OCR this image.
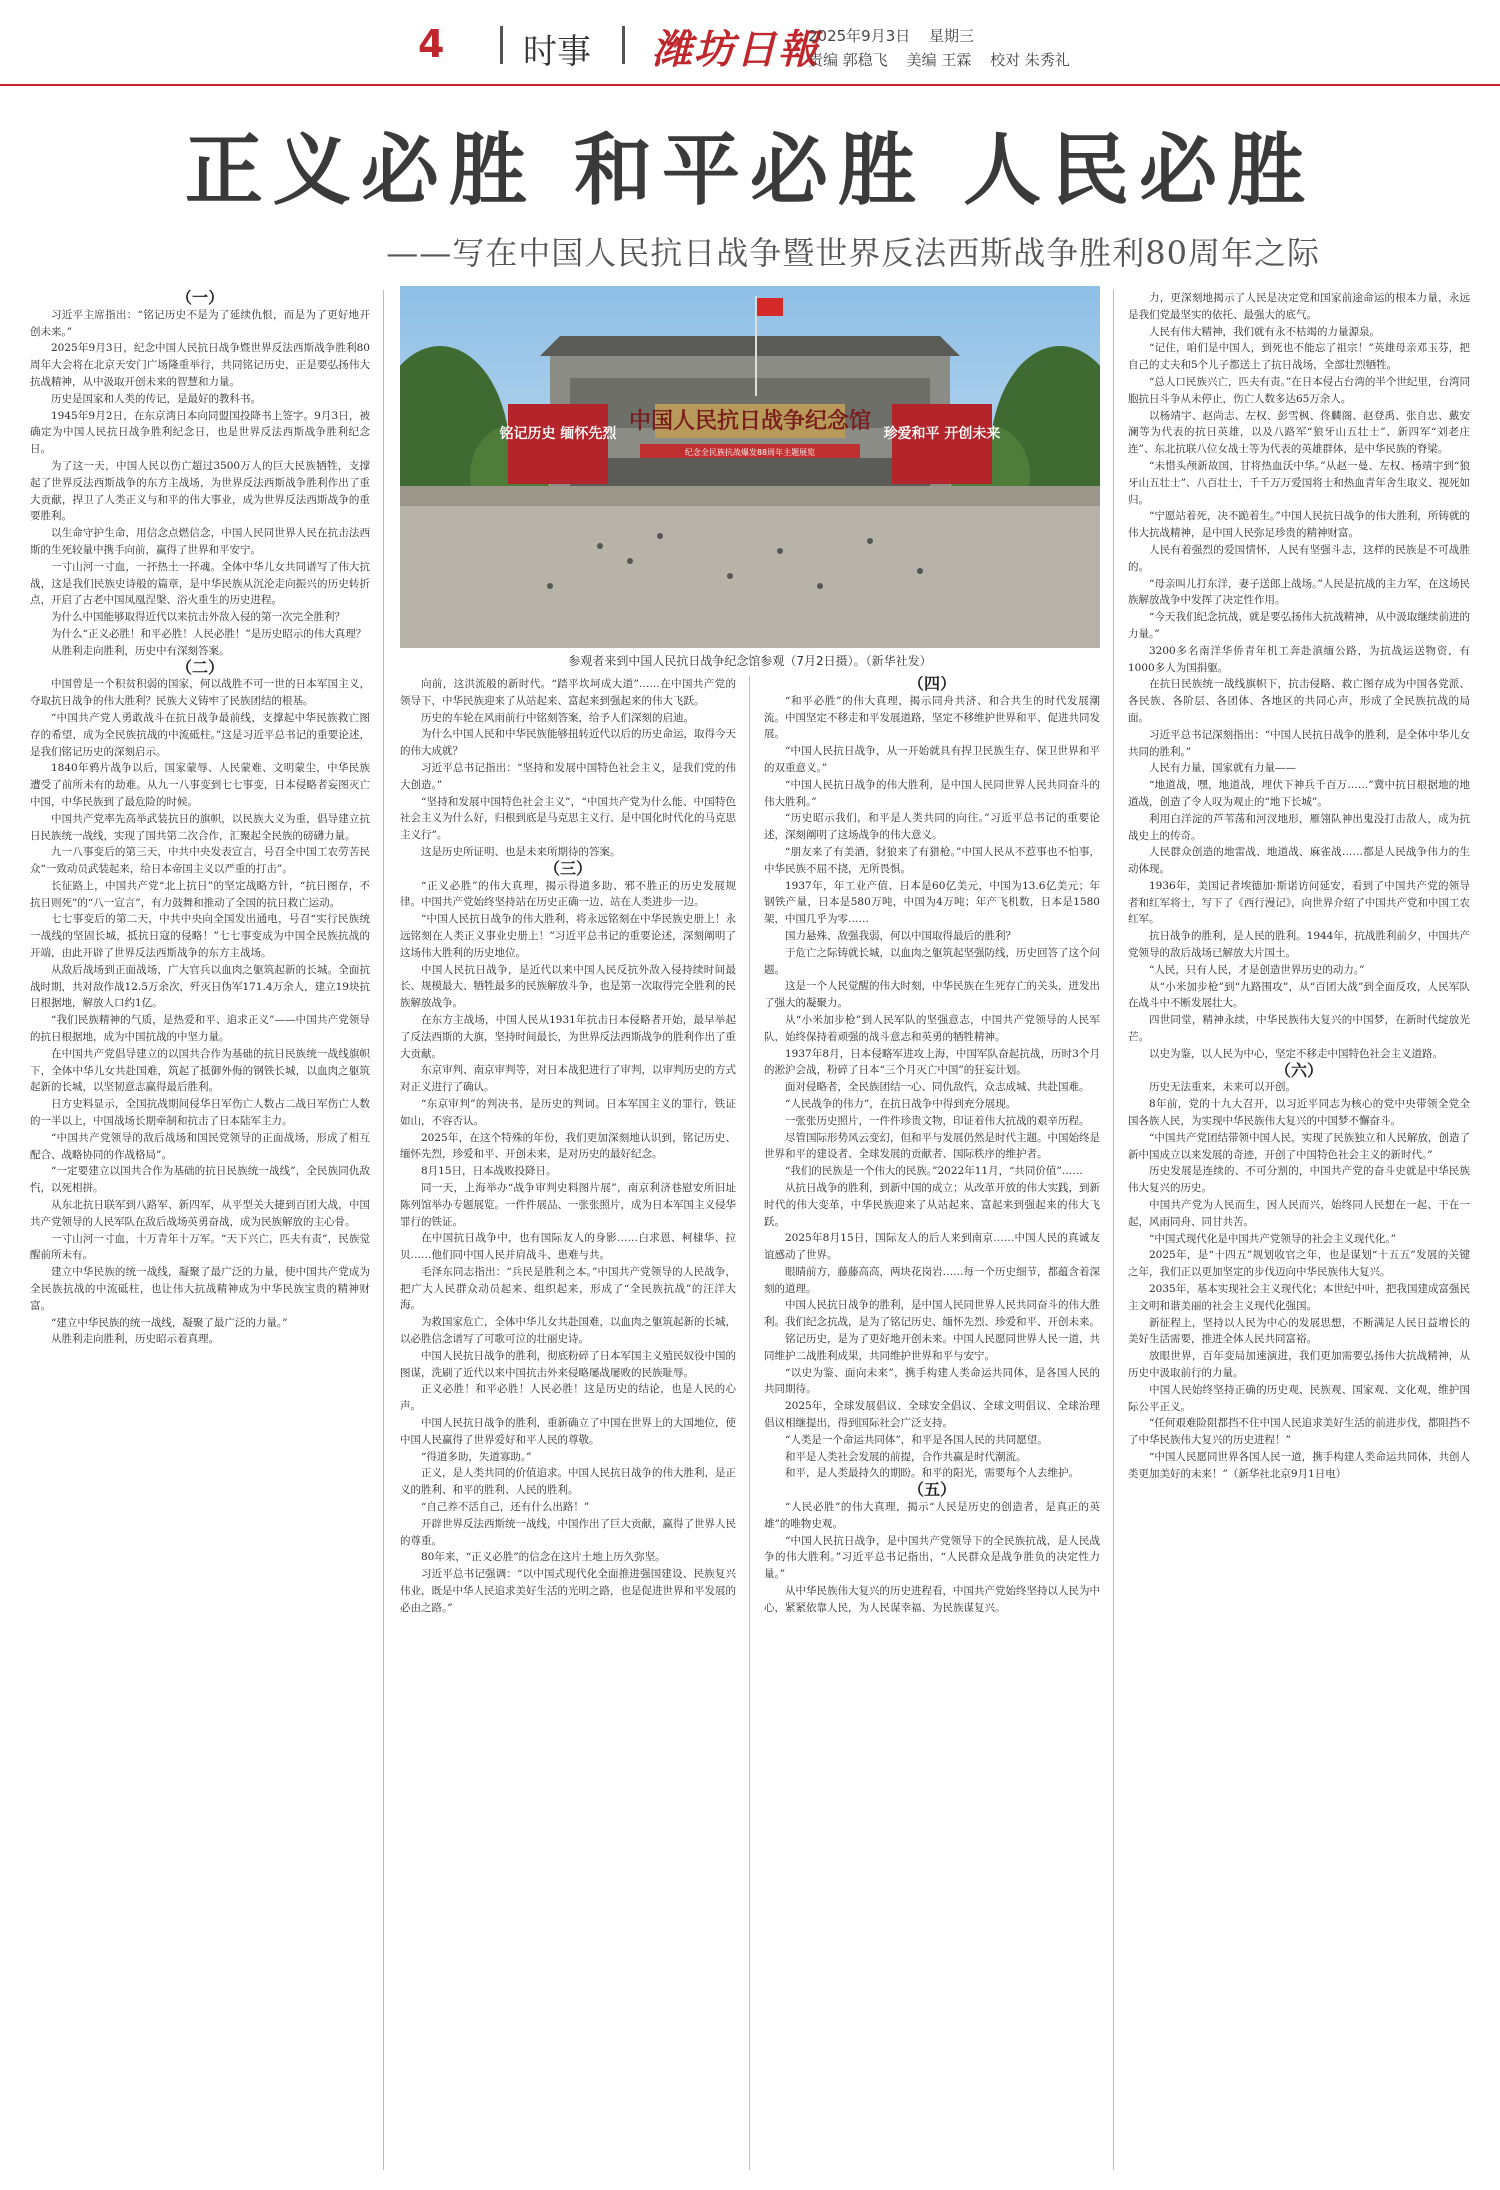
4 时事 潍坊日報
2025年9月3日 星期三
责编 郭稳飞 美编 王霖 校对 朱秀礼
正义必胜 和平必胜 人民必胜
——写在中国人民抗日战争暨世界反法西斯战争胜利80周年之际
中国人民抗日战争纪念馆
纪念全民族抗战爆发88周年主题展览
铭记历史 缅怀先烈	珍爱和平 开创未来
参观者来到中国人民抗日战争纪念馆参观（7月2日摄）。（新华社发）

（一）

习近平主席指出：“铭记历史不是为了延续仇恨，而是为了更好地开创未来。”

2025年9月3日，纪念中国人民抗日战争暨世界反法西斯战争胜利80周年大会将在北京天安门广场隆重举行，共同铭记历史，正是要弘扬伟大抗战精神，从中汲取开创未来的智慧和力量。

历史是国家和人类的传记，是最好的教科书。

1945年9月2日，在东京湾日本向同盟国投降书上签字。9月3日，被确定为中国人民抗日战争胜利纪念日，也是世界反法西斯战争胜利纪念日。

为了这一天，中国人民以伤亡超过3500万人的巨大民族牺牲，支撑起了世界反法西斯战争的东方主战场，为世界反法西斯战争胜利作出了重大贡献，捍卫了人类正义与和平的伟大事业，成为世界反法西斯战争的重要胜利。

以生命守护生命，用信念点燃信念，中国人民同世界人民在抗击法西斯的生死较量中携手向前，赢得了世界和平安宁。

一寸山河一寸血，一抔热土一抔魂。全体中华儿女共同谱写了伟大抗战，这是我们民族史诗般的篇章，是中华民族从沉沦走向振兴的历史转折点，开启了古老中国凤凰涅槃、浴火重生的历史进程。

为什么中国能够取得近代以来抗击外敌入侵的第一次完全胜利？

为什么“正义必胜！和平必胜！人民必胜！”是历史昭示的伟大真理？

从胜利走向胜利，历史中有深刻答案。

（二）

中国曾是一个积贫积弱的国家，何以战胜不可一世的日本军国主义，夺取抗日战争的伟大胜利？民族大义铸牢了民族团结的根基。

“中国共产党人勇敢战斗在抗日战争最前线，支撑起中华民族救亡图存的希望，成为全民族抗战的中流砥柱。”这是习近平总书记的重要论述，是我们铭记历史的深刻启示。

1840年鸦片战争以后，国家蒙辱、人民蒙难、文明蒙尘，中华民族遭受了前所未有的劫难。从九一八事变到七七事变，日本侵略者妄图灭亡中国，中华民族到了最危险的时候。

中国共产党率先高举武装抗日的旗帜，以民族大义为重，倡导建立抗日民族统一战线，实现了国共第二次合作，汇聚起全民族的磅礴力量。

九一八事变后的第三天，中共中央发表宣言，号召全中国工农劳苦民众“一致动员武装起来，给日本帝国主义以严重的打击”。

长征路上，中国共产党“北上抗日”的坚定战略方针，“抗日图存，不抗日则死”的“八一宣言”，有力鼓舞和推动了全国的抗日救亡运动。

七七事变后的第二天，中共中央向全国发出通电，号召“实行民族统一战线的坚固长城，抵抗日寇的侵略！”七七事变成为中国全民族抗战的开端，由此开辟了世界反法西斯战争的东方主战场。

从敌后战场到正面战场，广大官兵以血肉之躯筑起新的长城。全面抗战时期，共对敌作战12.5万余次，歼灭日伪军171.4万余人，建立19块抗日根据地，解放人口约1亿。

“我们民族精神的气质，是热爱和平、追求正义”——中国共产党领导的抗日根据地，成为中国抗战的中坚力量。

在中国共产党倡导建立的以国共合作为基础的抗日民族统一战线旗帜下，全体中华儿女共赴国难，筑起了抵御外侮的钢铁长城，以血肉之躯筑起新的长城，以坚韧意志赢得最后胜利。

日方史料显示，全国抗战期间侵华日军伤亡人数占二战日军伤亡人数的一半以上，中国战场长期牵制和抗击了日本陆军主力。

“中国共产党领导的敌后战场和国民党领导的正面战场，形成了相互配合、战略协同的作战格局”。

“一定要建立以国共合作为基础的抗日民族统一战线”，全民族同仇敌忾，以死相拼。

从东北抗日联军到八路军、新四军，从平型关大捷到百团大战，中国共产党领导的人民军队在敌后战场英勇奋战，成为民族解放的主心骨。

一寸山河一寸血，十万青年十万军。“天下兴亡，匹夫有责”，民族觉醒前所未有。

建立中华民族的统一战线，凝聚了最广泛的力量，使中国共产党成为全民族抗战的中流砥柱，也让伟大抗战精神成为中华民族宝贵的精神财富。

“建立中华民族的统一战线，凝聚了最广泛的力量。”

从胜利走向胜利，历史昭示着真理。

向前，这洪流般的新时代。“踏平坎坷成大道”……在中国共产党的领导下，中华民族迎来了从站起来、富起来到强起来的伟大飞跃。

历史的车轮在风雨前行中铭刻答案，给予人们深刻的启迪。

为什么中国人民和中华民族能够扭转近代以后的历史命运，取得今天的伟大成就？

习近平总书记指出：“坚持和发展中国特色社会主义，是我们党的伟大创造。”

“坚持和发展中国特色社会主义”，“中国共产党为什么能、中国特色社会主义为什么好，归根到底是马克思主义行、是中国化时代化的马克思主义行”。

这是历史所证明、也是未来所期待的答案。

（三）

“正义必胜”的伟大真理，揭示得道多助、邪不胜正的历史发展规律。中国共产党始终坚持站在历史正确一边、站在人类进步一边。

“中国人民抗日战争的伟大胜利，将永远铭刻在中华民族史册上！永远铭刻在人类正义事业史册上！”习近平总书记的重要论述，深刻阐明了这场伟大胜利的历史地位。

中国人民抗日战争，是近代以来中国人民反抗外敌入侵持续时间最长、规模最大、牺牲最多的民族解放斗争，也是第一次取得完全胜利的民族解放战争。

在东方主战场，中国人民从1931年抗击日本侵略者开始，最早举起了反法西斯的大旗，坚持时间最长，为世界反法西斯战争的胜利作出了重大贡献。

东京审判、南京审判等，对日本战犯进行了审判，以审判历史的方式对正义进行了确认。

“东京审判”的判决书，是历史的判词。日本军国主义的罪行，铁证如山，不容否认。

2025年，在这个特殊的年份，我们更加深刻地认识到，铭记历史、缅怀先烈，珍爱和平、开创未来，是对历史的最好纪念。

8月15日，日本战败投降日。

同一天，上海举办“战争审判史料图片展”，南京利济巷慰安所旧址陈列馆举办专题展览。一件件展品、一张张照片，成为日本军国主义侵华罪行的铁证。

在中国抗日战争中，也有国际友人的身影……白求恩、柯棣华、拉贝……他们同中国人民并肩战斗、患难与共。

毛泽东同志指出：“兵民是胜利之本。”中国共产党领导的人民战争，把广大人民群众动员起来、组织起来，形成了“全民族抗战”的汪洋大海。

为救国家危亡，全体中华儿女共赴国难，以血肉之躯筑起新的长城，以必胜信念谱写了可歌可泣的壮丽史诗。

中国人民抗日战争的胜利，彻底粉碎了日本军国主义殖民奴役中国的图谋，洗刷了近代以来中国抗击外来侵略屡战屡败的民族耻辱。

正义必胜！和平必胜！人民必胜！这是历史的结论，也是人民的心声。

中国人民抗日战争的胜利，重新确立了中国在世界上的大国地位，使中国人民赢得了世界爱好和平人民的尊敬。

“得道多助，失道寡助。”

正义，是人类共同的价值追求。中国人民抗日战争的伟大胜利，是正义的胜利、和平的胜利、人民的胜利。

“自己养不活自己，还有什么出路！”

开辟世界反法西斯统一战线，中国作出了巨大贡献，赢得了世界人民的尊重。

80年来，“正义必胜”的信念在这片土地上历久弥坚。

习近平总书记强调：“以中国式现代化全面推进强国建设、民族复兴伟业，既是中华人民追求美好生活的光明之路，也是促进世界和平发展的必由之路。”

（四）

“和平必胜”的伟大真理，揭示同舟共济、和合共生的时代发展潮流。中国坚定不移走和平发展道路，坚定不移维护世界和平、促进共同发展。

“中国人民抗日战争，从一开始就具有捍卫民族生存、保卫世界和平的双重意义。”

“中国人民抗日战争的伟大胜利，是中国人民同世界人民共同奋斗的伟大胜利。”

“历史昭示我们，和平是人类共同的向往。”习近平总书记的重要论述，深刻阐明了这场战争的伟大意义。

“朋友来了有美酒，豺狼来了有猎枪。”中国人民从不惹事也不怕事，中华民族不屈不挠，无所畏惧。

1937年，年工业产值、日本是60亿美元，中国为13.6亿美元；年钢铁产量，日本是580万吨，中国为4万吨；年产飞机数，日本是1580架，中国几乎为零……

国力悬殊、敌强我弱，何以中国取得最后的胜利？

于危亡之际铸就长城，以血肉之躯筑起坚强防线，历史回答了这个问题。

这是一个人民觉醒的伟大时刻，中华民族在生死存亡的关头，迸发出了强大的凝聚力。

从“小米加步枪”到人民军队的坚强意志，中国共产党领导的人民军队，始终保持着顽强的战斗意志和英勇的牺牲精神。

1937年8月，日本侵略军进攻上海，中国军队奋起抗战，历时3个月的淞沪会战，粉碎了日本“三个月灭亡中国”的狂妄计划。

面对侵略者，全民族团结一心、同仇敌忾，众志成城、共赴国难。

“人民战争的伟力”，在抗日战争中得到充分展现。

一张张历史照片，一件件珍贵文物，印证着伟大抗战的艰辛历程。

尽管国际形势风云变幻，但和平与发展仍然是时代主题。中国始终是世界和平的建设者、全球发展的贡献者、国际秩序的维护者。

“我们的民族是一个伟大的民族。”2022年11月，“共同价值”……

从抗日战争的胜利，到新中国的成立；从改革开放的伟大实践，到新时代的伟大变革，中华民族迎来了从站起来、富起来到强起来的伟大飞跃。

2025年8月15日，国际友人的后人来到南京……中国人民的真诚友谊感动了世界。

眼睛前方，藤藤高高，两块花岗岩……每一个历史细节，都蕴含着深刻的道理。

中国人民抗日战争的胜利，是中国人民同世界人民共同奋斗的伟大胜利。我们纪念抗战，是为了铭记历史、缅怀先烈、珍爱和平、开创未来。

铭记历史，是为了更好地开创未来。中国人民愿同世界人民一道，共同维护二战胜利成果，共同维护世界和平与安宁。

“以史为鉴、面向未来”，携手构建人类命运共同体，是各国人民的共同期待。

2025年，全球发展倡议、全球安全倡议、全球文明倡议、全球治理倡议相继提出，得到国际社会广泛支持。

“人类是一个命运共同体”，和平是各国人民的共同愿望。

和平是人类社会发展的前提，合作共赢是时代潮流。

和平，是人类最持久的期盼。和平的阳光，需要每个人去维护。

（五）

“人民必胜”的伟大真理，揭示“人民是历史的创造者，是真正的英雄”的唯物史观。

“中国人民抗日战争，是中国共产党领导下的全民族抗战，是人民战争的伟大胜利。”习近平总书记指出，“人民群众是战争胜负的决定性力量。”

从中华民族伟大复兴的历史进程看，中国共产党始终坚持以人民为中心，紧紧依靠人民，为人民谋幸福、为民族谋复兴。

力，更深刻地揭示了人民是决定党和国家前途命运的根本力量，永远是我们党最坚实的依托、最强大的底气。

人民有伟大精神，我们就有永不枯竭的力量源泉。

“记住，咱们是中国人，到死也不能忘了祖宗！”英雄母亲邓玉芬，把自己的丈夫和5个儿子都送上了抗日战场，全部壮烈牺牲。

“总人口民族兴亡，匹夫有责。”在日本侵占台湾的半个世纪里，台湾同胞抗日斗争从未停止，伤亡人数多达65万余人。

以杨靖宇、赵尚志、左权、彭雪枫、佟麟阁、赵登禹、张自忠、戴安澜等为代表的抗日英雄，以及八路军“狼牙山五壮士”、新四军“刘老庄连”、东北抗联八位女战士等为代表的英雄群体，是中华民族的脊梁。

“未惜头颅新故国，甘将热血沃中华。”从赵一曼、左权、杨靖宇到“狼牙山五壮士”、八百壮士，千千万万爱国将士和热血青年舍生取义、视死如归。

“宁愿站着死，决不跪着生。”中国人民抗日战争的伟大胜利，所铸就的伟大抗战精神，是中国人民弥足珍贵的精神财富。

人民有着强烈的爱国情怀，人民有坚强斗志，这样的民族是不可战胜的。

“母亲叫儿打东洋，妻子送郎上战场。”人民是抗战的主力军，在这场民族解放战争中发挥了决定性作用。

“今天我们纪念抗战，就是要弘扬伟大抗战精神，从中汲取继续前进的力量。”

3200多名南洋华侨青年机工奔赴滇缅公路，为抗战运送物资，有1000多人为国捐躯。

在抗日民族统一战线旗帜下，抗击侵略、救亡图存成为中国各党派、各民族、各阶层、各团体、各地区的共同心声，形成了全民族抗战的局面。

习近平总书记深刻指出：“中国人民抗日战争的胜利，是全体中华儿女共同的胜利。”

人民有力量，国家就有力量——

“地道战，嘿，地道战，埋伏下神兵千百万……”冀中抗日根据地的地道战，创造了令人叹为观止的“地下长城”。

利用白洋淀的芦苇荡和河汊地形，雁翎队神出鬼没打击敌人，成为抗战史上的传奇。

人民群众创造的地雷战、地道战、麻雀战……都是人民战争伟力的生动体现。

1936年，美国记者埃德加·斯诺访问延安，看到了中国共产党的领导者和红军将士，写下了《西行漫记》，向世界介绍了中国共产党和中国工农红军。

抗日战争的胜利，是人民的胜利。1944年，抗战胜利前夕，中国共产党领导的敌后战场已解放大片国土。

“人民，只有人民，才是创造世界历史的动力。”

从“小米加步枪”到“九路围攻”，从“百团大战”到全面反攻，人民军队在战斗中不断发展壮大。

四世同堂，精神永续，中华民族伟大复兴的中国梦，在新时代绽放光芒。

以史为鉴，以人民为中心，坚定不移走中国特色社会主义道路。

（六）

历史无法重来，未来可以开创。

8年前，党的十九大召开，以习近平同志为核心的党中央带领全党全国各族人民，为实现中华民族伟大复兴的中国梦不懈奋斗。

“中国共产党团结带领中国人民，实现了民族独立和人民解放，创造了新中国成立以来发展的奇迹，开创了中国特色社会主义的新时代。”

历史发展是连续的、不可分割的，中国共产党的奋斗史就是中华民族伟大复兴的历史。

中国共产党为人民而生，因人民而兴，始终同人民想在一起、干在一起，风雨同舟、同甘共苦。

“中国式现代化是中国共产党领导的社会主义现代化。”

2025年，是“十四五”规划收官之年，也是谋划“十五五”发展的关键之年，我们正以更加坚定的步伐迈向中华民族伟大复兴。

2035年，基本实现社会主义现代化；本世纪中叶，把我国建成富强民主文明和谐美丽的社会主义现代化强国。

新征程上，坚持以人民为中心的发展思想，不断满足人民日益增长的美好生活需要，推进全体人民共同富裕。

放眼世界，百年变局加速演进，我们更加需要弘扬伟大抗战精神，从历史中汲取前行的力量。

中国人民始终坚持正确的历史观、民族观、国家观、文化观，维护国际公平正义。

“任何艰难险阻都挡不住中国人民追求美好生活的前进步伐，都阻挡不了中华民族伟大复兴的历史进程！”

“中国人民愿同世界各国人民一道，携手构建人类命运共同体，共创人类更加美好的未来！”（新华社北京9月1日电）
